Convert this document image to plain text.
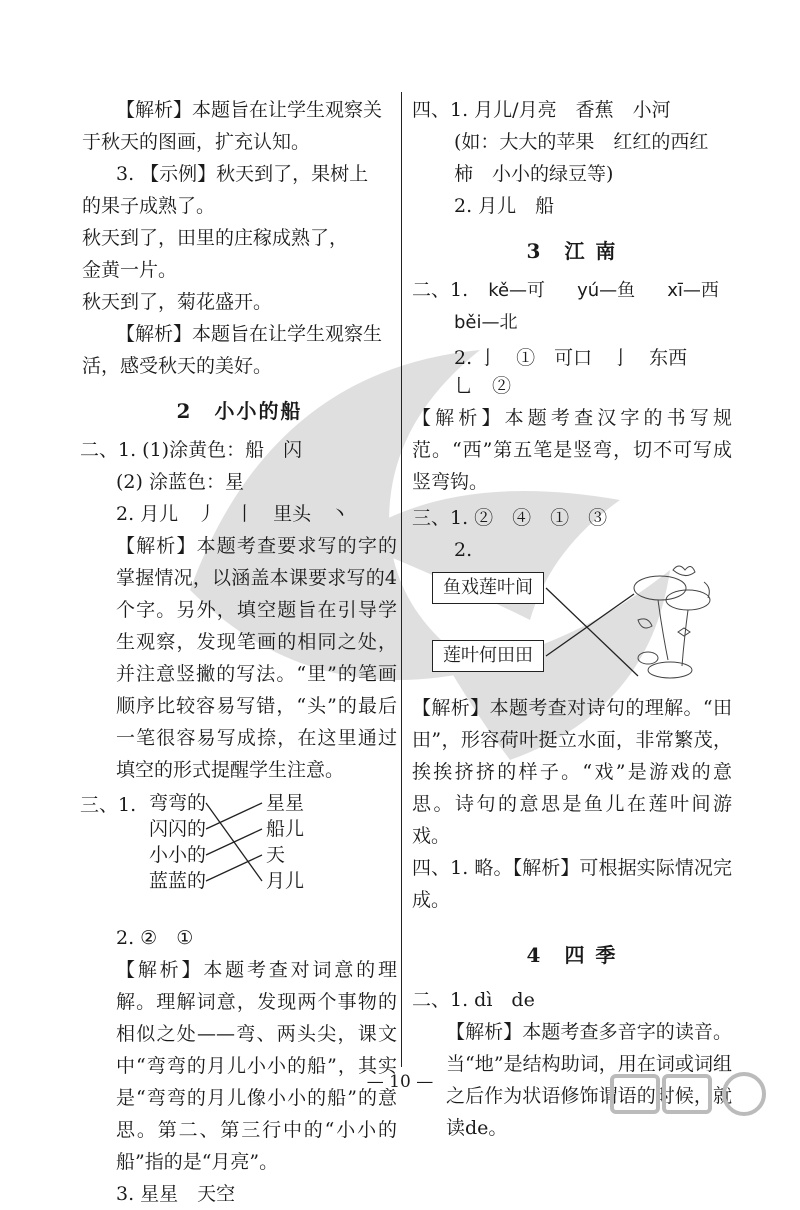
【解析】本题旨在让学生观察关
于秋天的图画，扩充认知。
3. 【示例】秋天到了，果树上
的果子成熟了。
秋天到了，田里的庄稼成熟了，
金黄一片。
秋天到了，菊花盛开。
【解析】本题旨在让学生观察生
活，感受秋天的美好。
2　小小的船
二、1. (1)涂黄色：船　闪
(2) 涂蓝色：星
2. 月儿　丿　丨　里头　丶
【解析】本题考查要求写的字的掌握情况，以涵盖本课要求写的4个字。另外，填空题旨在引导学生观察，发现笔画的相同之处，并注意竖撇的写法。“里”的笔画顺序比较容易写错，“头”的最后一笔很容易写成捺，在这里通过填空的形式提醒学生注意。
三、1. 弯弯的
闪闪的
小小的
蓝蓝的
星星
船儿
天
月儿
2. ②　①
【解析】本题考查对词意的理解。理解词意，发现两个事物的相似之处——弯、两头尖，课文中“弯弯的月儿小小的船”，其实是“弯弯的月儿像小小的船”的意思。第二、第三行中的“小小的船”指的是“月亮”。
3. 星星　天空
四、1. 月儿/月亮　香蕉　小河
(如：大大的苹果　红红的西红
柿　小小的绿豆等)
2. 月儿　船
3　江 南
二、1. kě—可 yú—鱼 xī—西
běi—北
2. 亅　①　可口　亅　东西
乚　②
【解析】本题考查汉字的书写规范。“西”第五笔是竖弯，切不可写成竖弯钩。
三、1. ②　④　①　③
2.
鱼戏莲叶间
莲叶何田田
【解析】本题考查对诗句的理解。“田田”，形容荷叶挺立水面，非常繁茂，挨挨挤挤的样子。“戏”是游戏的意思。诗句的意思是鱼儿在莲叶间游戏。
四、1. 略。【解析】可根据实际情况完成。
4　四 季
二、1. dì　de
【解析】本题考查多音字的读音。当“地”是结构助词，用在词或词组之后作为状语修饰谓语的时候，就读de。
— 10 —
